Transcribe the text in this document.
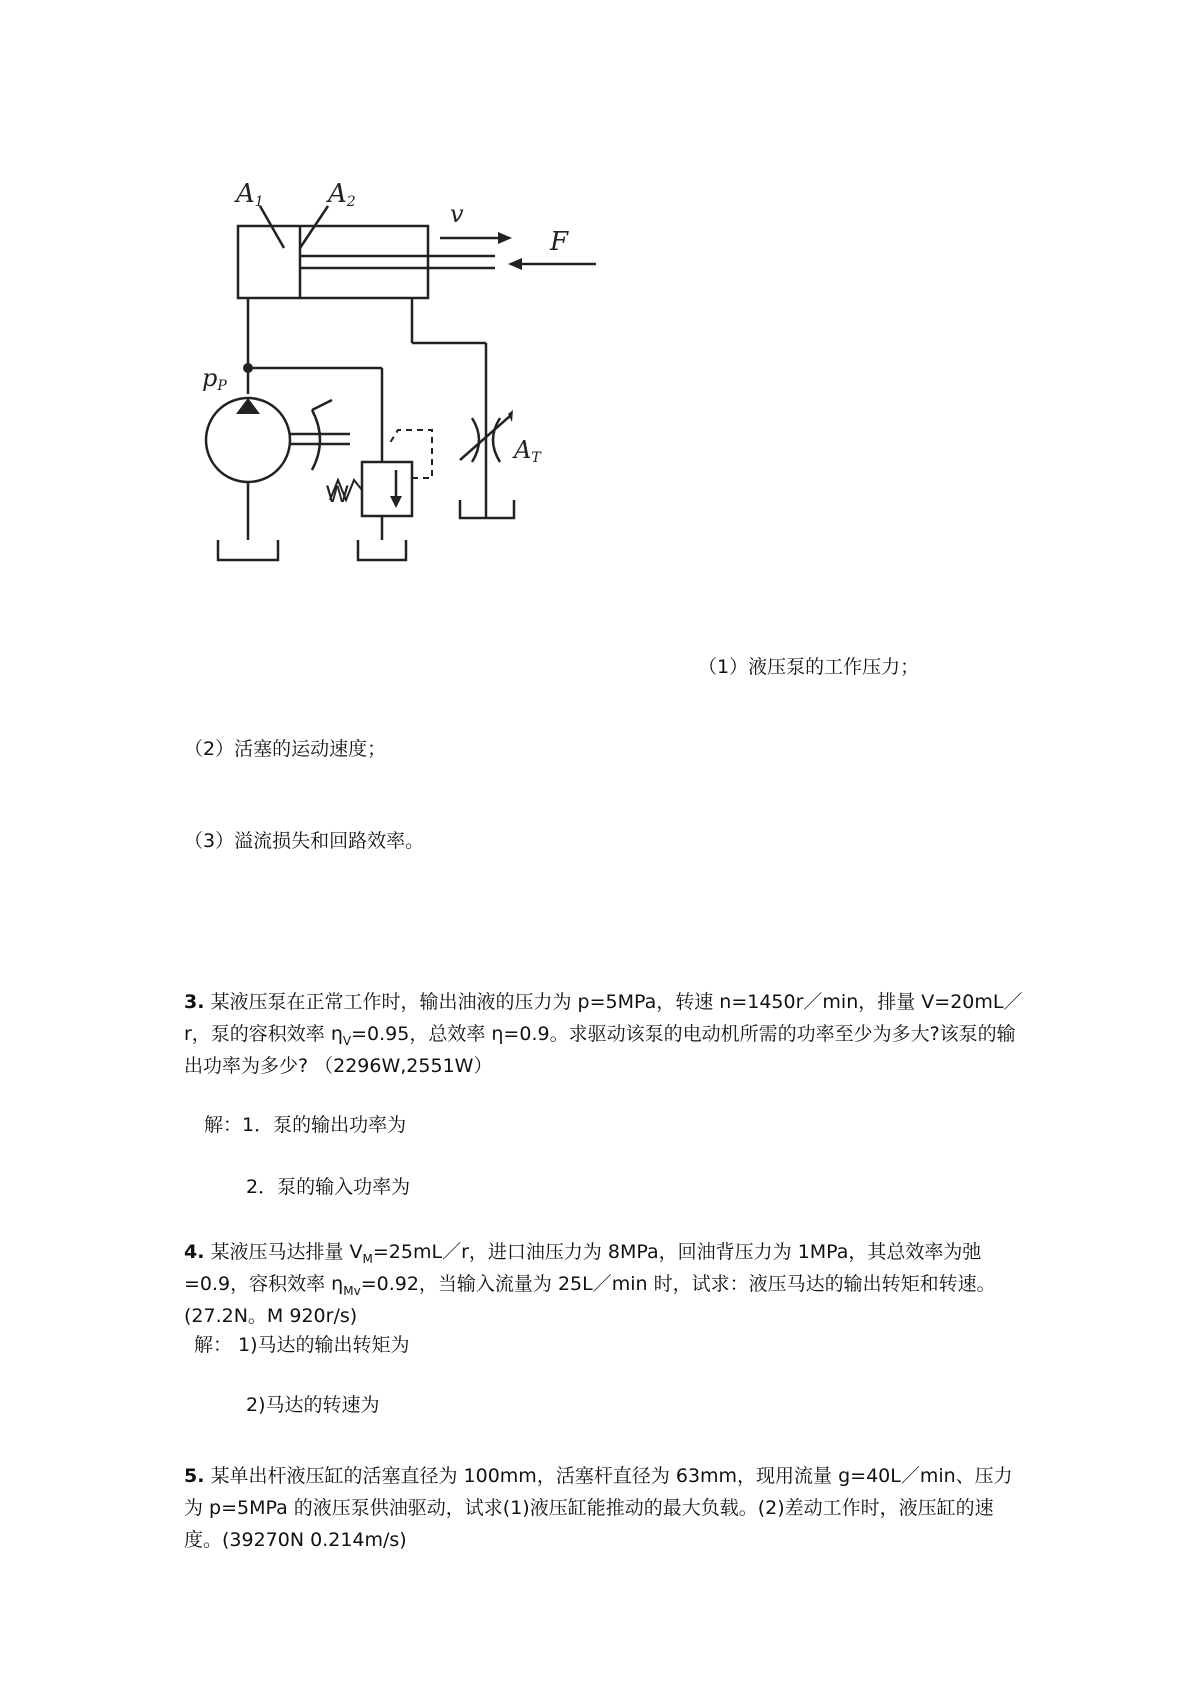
A1 A2	v
F
pP
AT
W
（1）液压泵的工作压力；
（2）活塞的运动速度；
（3）溢流损失和回路效率。
3. 某液压泵在正常工作时，输出油液的压力为 p=5MPa，转速 n=1450r／min，排量 V=20mL／r，泵的容积效率 $\eta_V=0.95$，总效率 η=0.9。求驱动该泵的电动机所需的功率至少为多大?该泵的输出功率为多少? （2296W,2551W）
解：1．泵的输出功率为
2．泵的输入功率为
4. 某液压马达排量 $V_M=25mL/r$，进口油压力为 8MPa，回油背压力为 1MPa，其总效率为弛=0.9，容积效率 $\eta_{Mv}=0.92$，当输入流量为 25L／min 时，试求：液压马达的输出转矩和转速。(27.2N。M 920r/s)
解： 1)马达的输出转矩为
2)马达的转速为
5. 某单出杆液压缸的活塞直径为 100mm，活塞杆直径为 63mm，现用流量 g=40L／min、压力为 p=5MPa 的液压泵供油驱动，试求(1)液压缸能推动的最大负载。(2)差动工作时，液压缸的速度。(39270N 0.214m/s)
